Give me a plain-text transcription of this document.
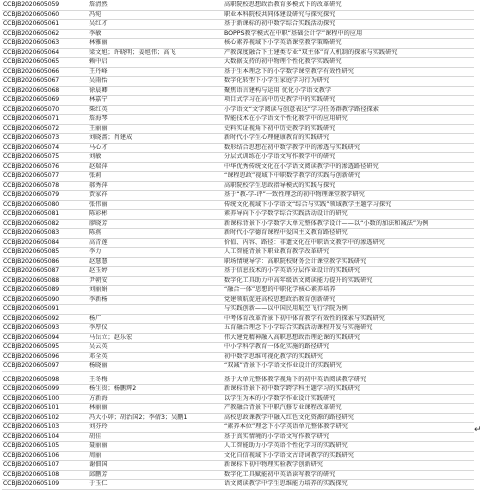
CCBJB2020605059	詹清然	高职院校思想政治教育多模式下的改革研究
CCBJB2020605060	冯宛	职业本科院校共同体建设研究与探究探究
CCBJB2020605061	吴红才	基于新课标的初中数学综合实践活动探究
CCBJB2020605062	李敏	BOPPS教学模式在中职“基础会计学”课程中的应用
CCBJB2020605063	林雅丽	核心素养视域下小学英语课堂教学策略研究
CCBJB2020605064	梁文旭；许晓明；姜旭伟；高飞	产教深度融合下土建类专业“双主体”育人机制的探索与实践研究
CCBJB2020605065	赖中启	大数据支持的初中物理个性化教学实践研究
CCBJB2020605066	王丹峰	基于生本理念下的小学数学课堂教学有效性研究
CCBJB2020605067	吴雨怡	数字化转型下小学生家庭学习行为研究
CCBJB2020605068	徐晨卿	聚焦语言建构与运用 优化小学语文教学
CCBJB2020605069	林嘉宁	项目式学习在高中历史教学中的实践研究
CCBJB2020605070	柴红英	小学语文“文学阅读与创意表达”学习任务群教学路径探索
CCBJB2020605071	詹海琴	智能技术在小学语文个性化教学中的应用研究
CCBJB2020605072	王丽丽	史料实证视角下初中历史教学的实践研究
CCBJB2020605073	刘晓蔷；肖建成	新时代小学生心理健康教育的实践研究
CCBJB2020605074	马心才	数形结合思想在初中数学教学中的渗透与实践研究
CCBJB2020605075	刘敏	分层式训练在小学语文写作教学中的研究
CCBJB2020605076	赵瑞萍	中华优秀传统文化在小学语文阅读教学中的渗透路径研究
CCBJB2020605077	张莉	“课程思政”视域下中职数学教学的实践与创新研究
CCBJB2020605078	郝秀萍	高职院校学生思政指导模式的实践与探究
CCBJB2020605079	贾家祥	基于“教-学-评”一致性理念的初中物理课堂教学研究
CCBJB2020605080	张伟丽	传统文化视域下小学语文“综合与实践”领域教学主题学习探究
CCBJB2020605081	陈彩彬	素养导向下小学数学综合实践活动设计的研究
CCBJB2020605082	廖晓芳	新课标背景下小学数学大单元整体教学设计——以“小数的加法和减法”为例
CCBJB2020605083	陈燕	新时代小学德育课程中爱国主义教育路径研究
CCBJB2020605084	高青莲	价值、内容、路径：非遗文化在中职语文教学中的渗透研究
CCBJB2020605085	李力	人工智能背景下职业教育教学改革研究
CCBJB2020605086	赵慧慧	职场情境导学：高职院校财务会计课堂教学实践研究
CCBJB2020605087	赵玉婷	基于信息技术的小学英语分层作业设计的实践研究
CCBJB2020605088	尹朝安	数字化工具助力中高年级语文阅读能力提升的实践研究
CCBJB2020605089	刘丽娟	“融合一体”思想的中职化学核心素养培养
CCBJB2020605090	李新杨	党建领航促进高校思想政治教育创新研究
CCBJB2020605091		与实践创新——以中国民用航空飞行学院为例
CCBJB2020605092	杨广	中考体育改革背景下初中体育教学有效性的探索与实践研究
CCBJB2020605093	李厚仪	五育融合理念下小学综合实践活动课程开发与实施研究
CCBJB2020605094	马岳立；赵乐宏	伟大建党精神融入高职思想政治理论课的实践研究
CCBJB2020605095	吴云英	中小学科学教育一体化实施的路径研究
CCBJB2020605096	邓全英	初中数学思维可视化教学的实践研究
CCBJB2020605097	杨晓丽	“双减”背景下小学语文作业设计的实践研究

CCBJB2020605098	王冬梅	基于大单元整体教学视角下的初中英语阅读教学研究
CCBJB2020605099	杨生贵；杨鹏辉2	新课标背景下初中数学跨学科主题学习的实践研究
CCBJB2020605100	方新海	以学生为本的小学数学作业设计实践研究
CCBJB2020605101	林丽丽	产教融合背景下中职汽修专业课程改革研究
CCBJB2020605102	冯大小卯；胡治国2；李倩3；吴鹏1	高校思政课教学中融入红色文化资源的路径研究
CCBJB2020605103	刘芬玲	“素养本位”理念下小学英语单元整体教学研究
CCBJB2020605104	胡佳	基于真实情境的小学语文写作教学研究
CCBJB2020605105	聂丽丽	人工智能助力小学英语个性化学习的实践研究
CCBJB2020605106	周丽	文化自信视域下小学语文古诗词教学的实践研究
CCBJB2020605107	谢佃国	新课标下初中物理实验教学创新研究
CCBJB2020605108	邱鹏芳	数字化工具赋能初中英语读写教学的研究
CCBJB2020605109	于玉仁	语文阅读教学中学生思维能力培养的实践探究
↵
